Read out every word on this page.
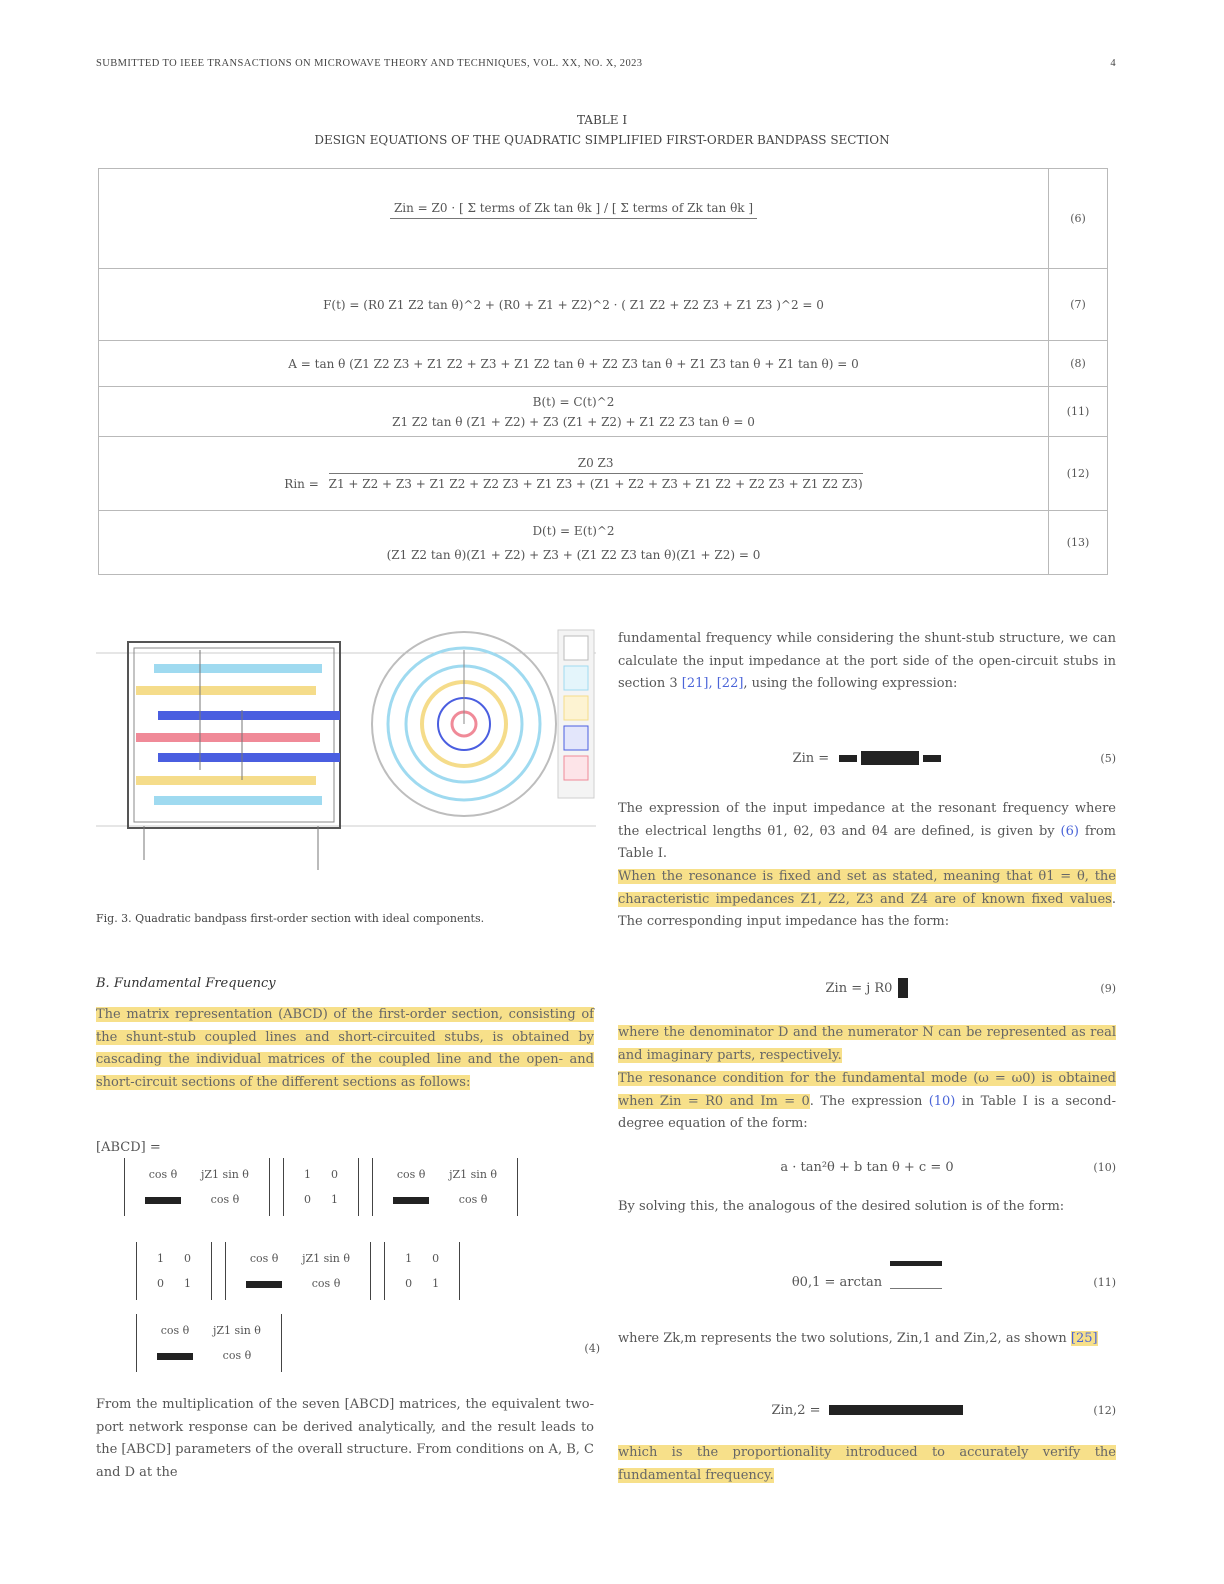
SUBMITTED TO IEEE TRANSACTIONS ON MICROWAVE THEORY AND TECHNIQUES, VOL. XX, NO. X, 2023	4
TABLE I
DESIGN EQUATIONS OF THE QUADRATIC SIMPLIFIED FIRST-ORDER BANDPASS SECTION
Zin = Z0 · [ Σ terms of Zk tan θk ] / [ Σ terms of Zk tan θk ]	(6)
F(t) = (R0 Z1 Z2 tan θ)^2 + (R0 + Z1 + Z2)^2 · ( Z1 Z2 + Z2 Z3 + Z1 Z3 )^2 = 0	(7)
A = tan θ (Z1 Z2 Z3 + Z1 Z2 + Z3 + Z1 Z2 tan θ + Z2 Z3 tan θ + Z1 Z3 tan θ + Z1 tan θ) = 0	(8)

B(t) = C(t)^2
Z1 Z2 tan θ (Z1 + Z2) + Z3 (Z1 + Z2) + Z1 Z2 Z3 tan θ = 0	(11)
Rin =
Z0 Z3
Z1 + Z2 + Z3 + Z1 Z2 + Z2 Z3 + Z1 Z3 + (Z1 + Z2 + Z3 + Z1 Z2 + Z2 Z3 + Z1 Z2 Z3)	(12)

D(t) = E(t)^2
(Z1 Z2 tan θ)(Z1 + Z2) + Z3 + (Z1 Z2 Z3 tan θ)(Z1 + Z2) = 0	(13)
Fig. 3. Quadratic bandpass first-order section with ideal components.
B. Fundamental Frequency
The matrix representation (ABCD) of the first-order section, consisting of the shunt-stub coupled lines and short-circuited stubs, is obtained by cascading the individual matrices of the coupled line and the open- and short-circuit sections of the different sections as follows:
[ABCD] =
cos θ	jZ1 sin θ
	cos θ

1	0
0	1

cos θ	jZ1 sin θ
	cos θ
1	0
0	1

cos θ	jZ1 sin θ
	cos θ

1	0
0	1
cos θ	jZ1 sin θ
	cos θ
(4)
From the multiplication of the seven [ABCD] matrices, the equivalent two-port network response can be derived analytically, and the result leads to the [ABCD] parameters of the overall structure. From conditions on A, B, C and D at the
fundamental frequency while considering the shunt-stub structure, we can calculate the input impedance at the port side of the open-circuit stubs in section 3 [21], [22], using the following expression:
Zin =

	(5)
The expression of the input impedance at the resonant frequency where the electrical lengths θ1, θ2, θ3 and θ4 are defined, is given by (6) from Table I.
When the resonance is fixed and set as stated, meaning that θ1 = θ, the characteristic impedances Z1, Z2, Z3 and Z4 are of known fixed values. The corresponding input impedance has the form:
Zin = j R0	(9)
where the denominator D and the numerator N can be represented as real and imaginary parts, respectively.
The resonance condition for the fundamental mode (ω = ω0) is obtained when Zin = R0 and Im = 0. The expression (10) in Table I is a second-degree equation of the form:
a · tan²θ + b tan θ + c = 0	(10)
By solving this, the analogous of the desired solution is of the form:
θ0,1 = arctan	(11)
where Zk,m represents the two solutions, Zin,1 and Zin,2, as shown [25]
Zin,2 =	(12)
which is the proportionality introduced to accurately verify the fundamental frequency.
